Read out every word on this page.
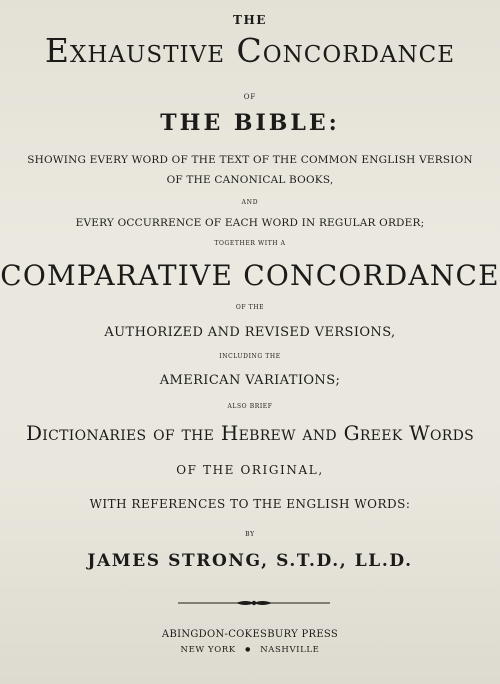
THE
Exhaustive Concordance
OF
THE BIBLE:
SHOWING EVERY WORD OF THE TEXT OF THE COMMON ENGLISH VERSION
OF THE CANONICAL BOOKS,
AND
EVERY OCCURRENCE OF EACH WORD IN REGULAR ORDER;
TOGETHER WITH A
COMPARATIVE CONCORDANCE
OF THE
AUTHORIZED AND REVISED VERSIONS,
INCLUDING THE
AMERICAN VARIATIONS;
ALSO BRIEF
Dictionaries of the Hebrew and Greek Words
OF THE ORIGINAL,
WITH REFERENCES TO THE ENGLISH WORDS:
BY
JAMES STRONG, S.T.D., LL.D.
ABINGDON-COKESBURY PRESS
NEW YORK ● NASHVILLE
